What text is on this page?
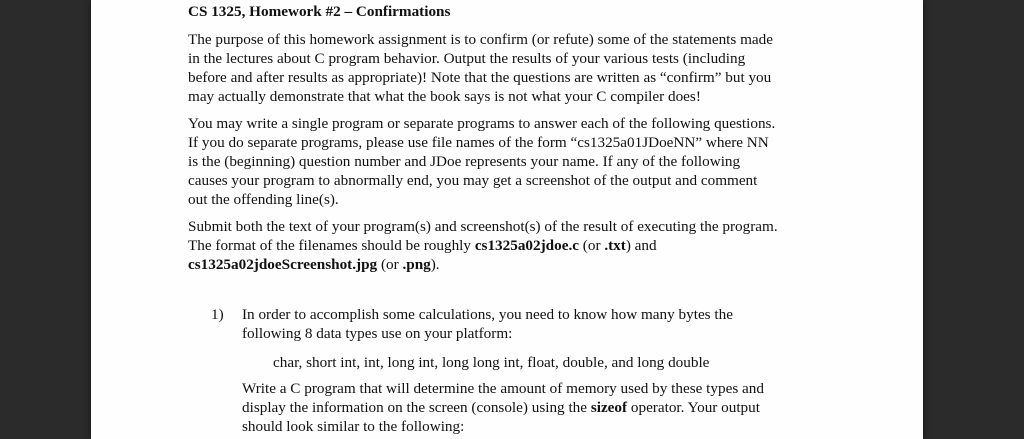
CS 1325, Homework #2 – Confirmations
The purpose of this homework assignment is to confirm (or refute) some of the statements made
in the lectures about C program behavior. Output the results of your various tests (including
before and after results as appropriate)! Note that the questions are written as “confirm” but you
may actually demonstrate that what the book says is not what your C compiler does!
You may write a single program or separate programs to answer each of the following questions.
If you do separate programs, please use file names of the form “cs1325a01JDoeNN” where NN
is the (beginning) question number and JDoe represents your name. If any of the following
causes your program to abnormally end, you may get a screenshot of the output and comment
out the offending line(s).
Submit both the text of your program(s) and screenshot(s) of the result of executing the program.
The format of the filenames should be roughly cs1325a02jdoe.c (or .txt) and
cs1325a02jdoeScreenshot.jpg (or .png).
1) In order to accomplish some calculations, you need to know how many bytes the
following 8 data types use on your platform:
char, short int, int, long int, long long int, float, double, and long double
Write a C program that will determine the amount of memory used by these types and
display the information on the screen (console) using the sizeof operator. Your output
should look similar to the following:
